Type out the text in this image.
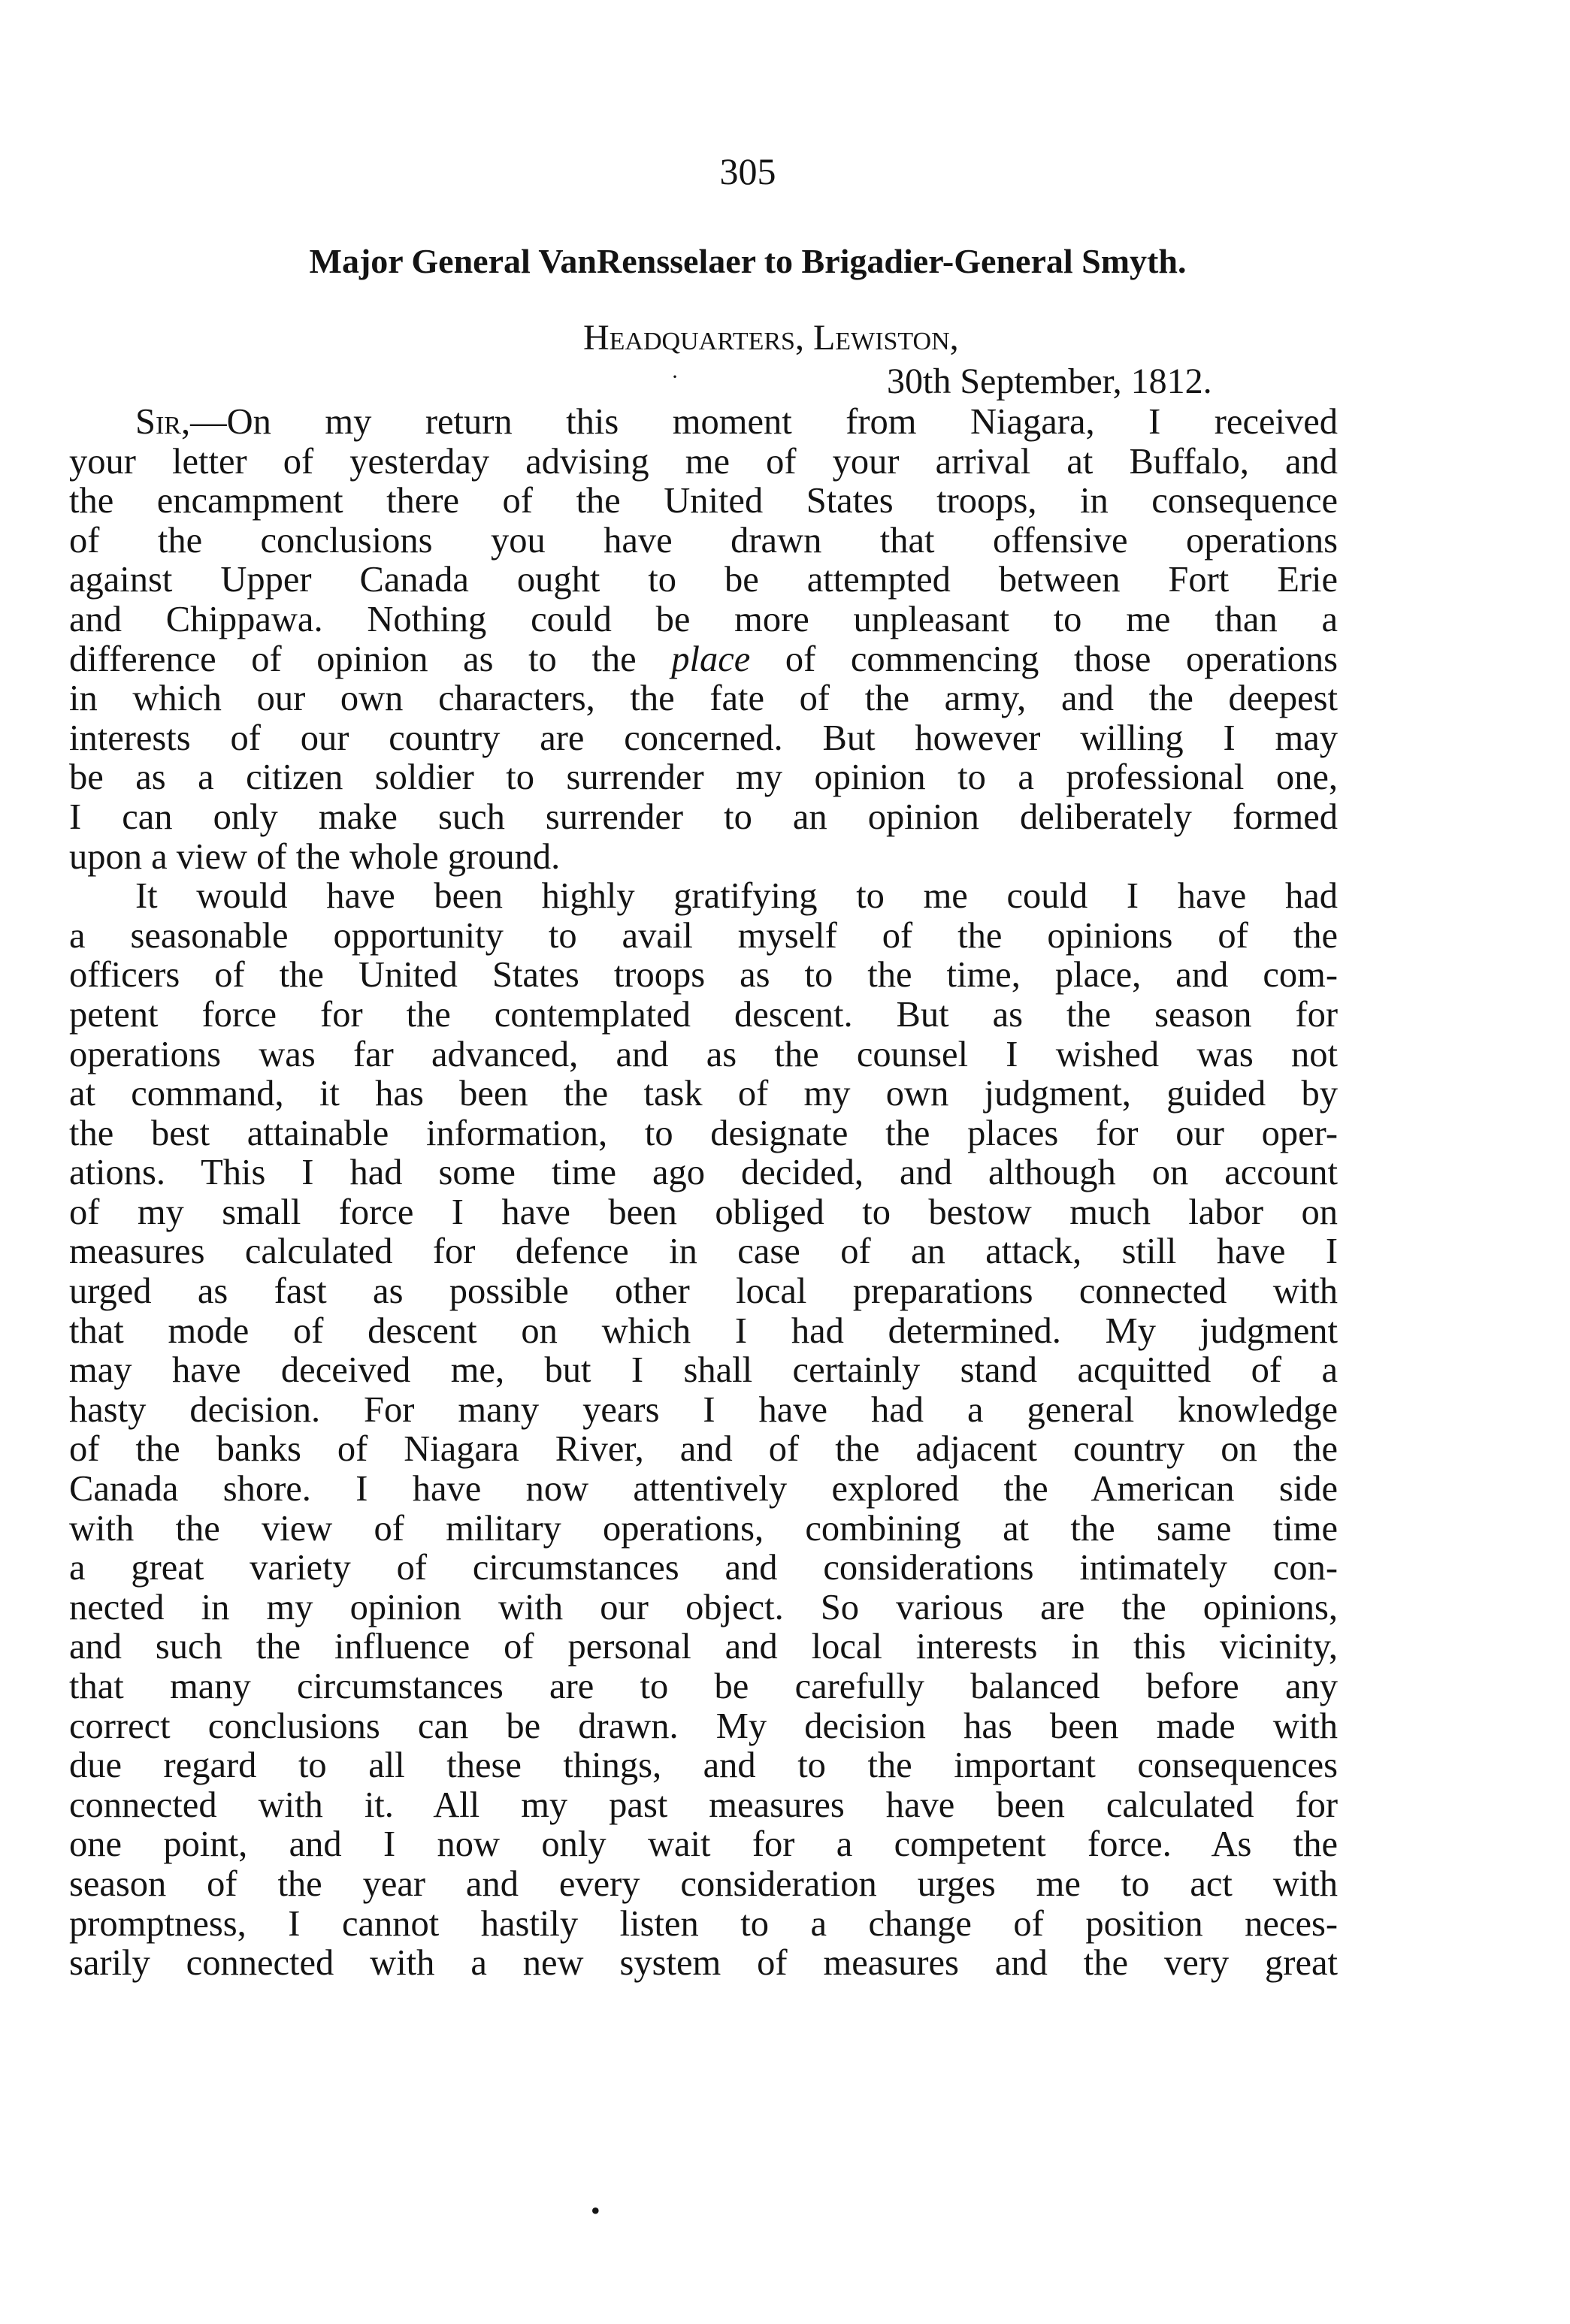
305
Major General VanRensselaer to Brigadier-General Smyth.
Headquarters, Lewiston,
·	30th September, 1812.
Sir,—On my return this moment from Niagara, I received
your letter of yesterday advising me of your arrival at Buffalo, and
the encampment there of the United States troops, in consequence
of the conclusions you have drawn that offensive operations
against Upper Canada ought to be attempted between Fort Erie
and Chippawa. Nothing could be more unpleasant to me than a
difference of opinion as to the place of commencing those operations
in which our own characters, the fate of the army, and the deepest
interests of our country are concerned. But however willing I may
be as a citizen soldier to surrender my opinion to a professional one,
I can only make such surrender to an opinion deliberately formed
upon a view of the whole ground.
It would have been highly gratifying to me could I have had
a seasonable opportunity to avail myself of the opinions of the
officers of the United States troops as to the time, place, and com-
petent force for the contemplated descent. But as the season for
operations was far advanced, and as the counsel I wished was not
at command, it has been the task of my own judgment, guided by
the best attainable information, to designate the places for our oper-
ations. This I had some time ago decided, and although on account
of my small force I have been obliged to bestow much labor on
measures calculated for defence in case of an attack, still have I
urged as fast as possible other local preparations connected with
that mode of descent on which I had determined. My judgment
may have deceived me, but I shall certainly stand acquitted of a
hasty decision. For many years I have had a general knowledge
of the banks of Niagara River, and of the adjacent country on the
Canada shore. I have now attentively explored the American side
with the view of military operations, combining at the same time
a great variety of circumstances and considerations intimately con-
nected in my opinion with our object. So various are the opinions,
and such the influence of personal and local interests in this vicinity,
that many circumstances are to be carefully balanced before any
correct conclusions can be drawn. My decision has been made with
due regard to all these things, and to the important consequences
connected with it. All my past measures have been calculated for
one point, and I now only wait for a competent force. As the
season of the year and every consideration urges me to act with
promptness, I cannot hastily listen to a change of position neces-
sarily connected with a new system of measures and the very great
•
